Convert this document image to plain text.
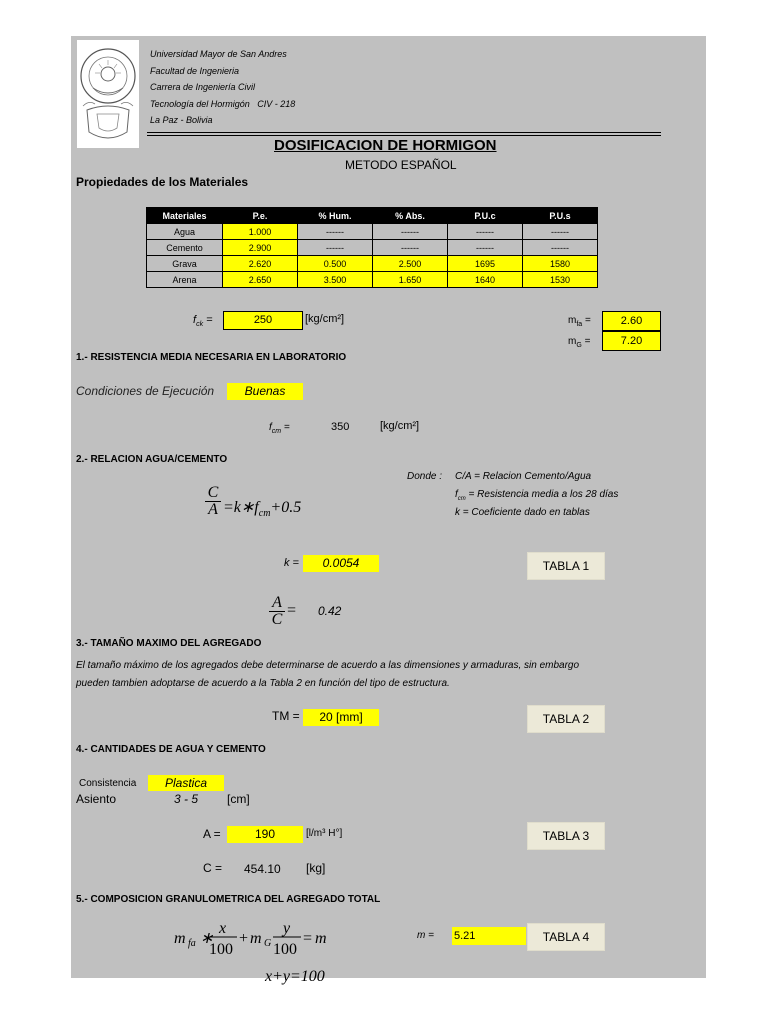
Universidad Mayor de San Andres
Facultad de Ingenieria
Carrera de Ingeniería Civil
Tecnología del Hormigón   CIV - 218
La Paz - Bolivia
DOSIFICACION DE HORMIGON
METODO ESPAÑOL
Propiedades de los Materiales
Materiales	P.e.	% Hum.	% Abs.	P.U.c	P.U.s
Agua	1.000	------	------	------	------
Cemento	2.900	------	------	------	------
Grava	2.620	0.500	2.500	1695	1580
Arena	2.650	3.500	1.650	1640	1530
$f_{ck}$ =	250	[kg/cm²]	$m_{fa}$ =	2.60
$m_G$ =	7.20
1.- RESISTENCIA MEDIA NECESARIA EN LABORATORIO
Condiciones de Ejecución	Buenas
$f_{cm}$ =	350	[kg/cm²]
2.- RELACION AGUA/CEMENTO
Donde : C/A = Relacion Cemento/Agua
$f_{cm}$ = Resistencia media a los 28 días
k = Coeficiente dado en tablas
$\frac{C}{A}$ $=k∗f_{cm}+0.5$
k =	0.0054	TABLA 1
$\frac{A}{C} = 0.42$
3.- TAMAÑO MAXIMO DEL AGREGADO
El tamaño máximo de los agregados debe determinarse de acuerdo a las dimensiones y armaduras, sin embargo
pueden tambien adoptarse de acuerdo a la Tabla 2 en función del tipo de estructura.
TM =	20 [mm]	TABLA 2
4.- CANTIDADES DE AGUA Y CEMENTO
Consistencia	Plastica
Asiento	3 - 5 [cm]
A =	190	[l/m³ H°]	TABLA 3
C = 454.10 [kg]
5.- COMPOSICION GRANULOMETRICA DEL AGREGADO TOTAL
m fa ∗
x
100
+ m G
y
100
= m	m = 5.21	TABLA 4
x+y=100
